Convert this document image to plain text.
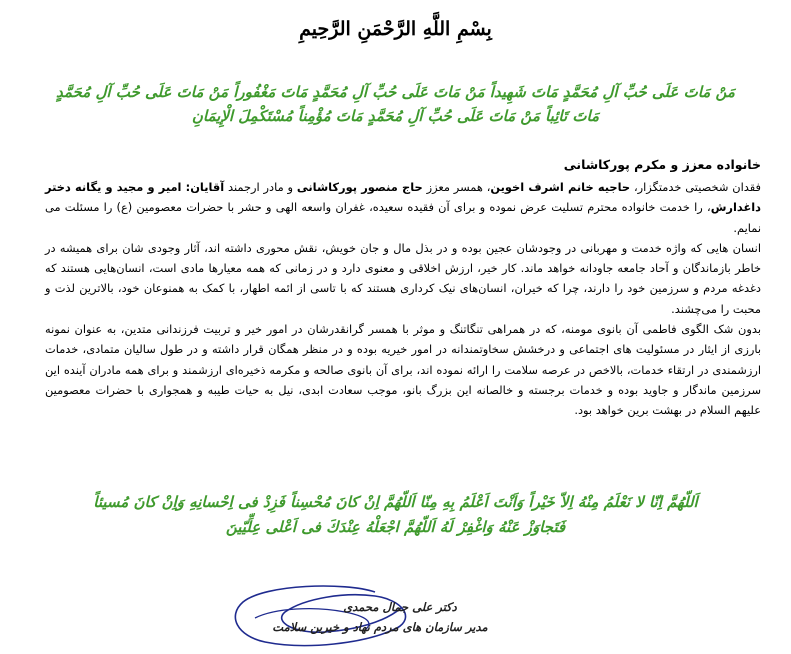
بِسْمِ اللَّهِ الرَّحْمَنِ الرَّحِيمِ
مَنْ مَاتَ عَلَى حُبِّ آلِ مُحَمَّدٍ مَاتَ شَهِيداً مَنْ مَاتَ عَلَى حُبِّ آلِ مُحَمَّدٍ مَاتَ مَغْفُوراً مَنْ مَاتَ عَلَى حُبِّ آلِ مُحَمَّدٍ
مَاتَ تَائِباً مَنْ مَاتَ عَلَى حُبِّ آلِ مُحَمَّدٍ مَاتَ مُؤْمِناً مُسْتَكْمِلَ الْإِيمَانِ

خانواده معزز و مکرم پورکاشانی

فقدان شخصیتی خدمتگزار، حاجیه خانم اشرف اخوین، همسر معزز حاج منصور پورکاشانی و مادر ارجمند آقایان: امیر و مجید و یگانه دختر داغدارش، را خدمت خانواده محترم تسلیت عرض نموده و برای آن فقیده سعیده، غفران واسعه الهی و حشر با حضرات معصومین (ع) را مسئلت می نمایم.

انسان هایی که واژه خدمت و مهربانی در وجودشان عجین بوده و در بذل مال و جان خویش، نقش محوری داشته اند، آثار وجودی شان برای همیشه در خاطر بازماندگان و آحاد جامعه جاودانه خواهد ماند. کار خیر، ارزش اخلاقی و معنوی دارد و در زمانی که همه معیارها مادی است، انسان‌هایی هستند که دغدغه مردم و سرزمین خود را دارند، چرا که خیران، انسان‌های نیک کرداری هستند که با تاسی از ائمه اطهار، با کمک به همنوعان خود، بالاترین لذت و محبت را می‌چشند.

بدون شک الگوی فاطمی آن بانوی مومنه، که در همراهی تنگاتنگ و موثر با همسر گرانقدرشان در امور خیر و تربیت فرزندانی متدین، به عنوان نمونه بارزی از ایثار در مسئولیت های اجتماعی و درخشش سخاوتمندانه در امور خیریه بوده و در منظر همگان قرار داشته و در طول سالیان متمادی، خدمات ارزشمندی در ارتقاء خدمات، بالاخص در عرصه سلامت را ارائه نموده اند، برای آن بانوی صالحه و مکرمه ذخیره‌ای ارزشمند و برای همه مادران آینده این سرزمین ماندگار و جاوید بوده و خدمات برجسته و خالصانه این بزرگ بانو، موجب سعادت ابدی، نیل به حیات طیبه و همجواری با حضرات معصومین علیهم السلام در بهشت برین خواهد بود.

اَللّهُمَّ اِنّا لا نَعْلَمُ مِنْهُ اِلاّ خَيْراً وَاَنْتَ اَعْلَمُ بِهِ مِنّا اَللّهُمَّ اِنْ كانَ مُحْسِناً فَزِدْ فى اِحْسانِهِ وَاِنْ كانَ مُسيئاً
فَتَجاوَزْ عَنْهُ وَاغْفِرْ لَهُ اَللّهُمَّ اجْعَلْهُ عِنْدَكَ فى اَعْلى عِلِّيّينَ
دکتر علی جمال محمدی
مدیر سازمان های مردم نهاد و خیرین سلامت
